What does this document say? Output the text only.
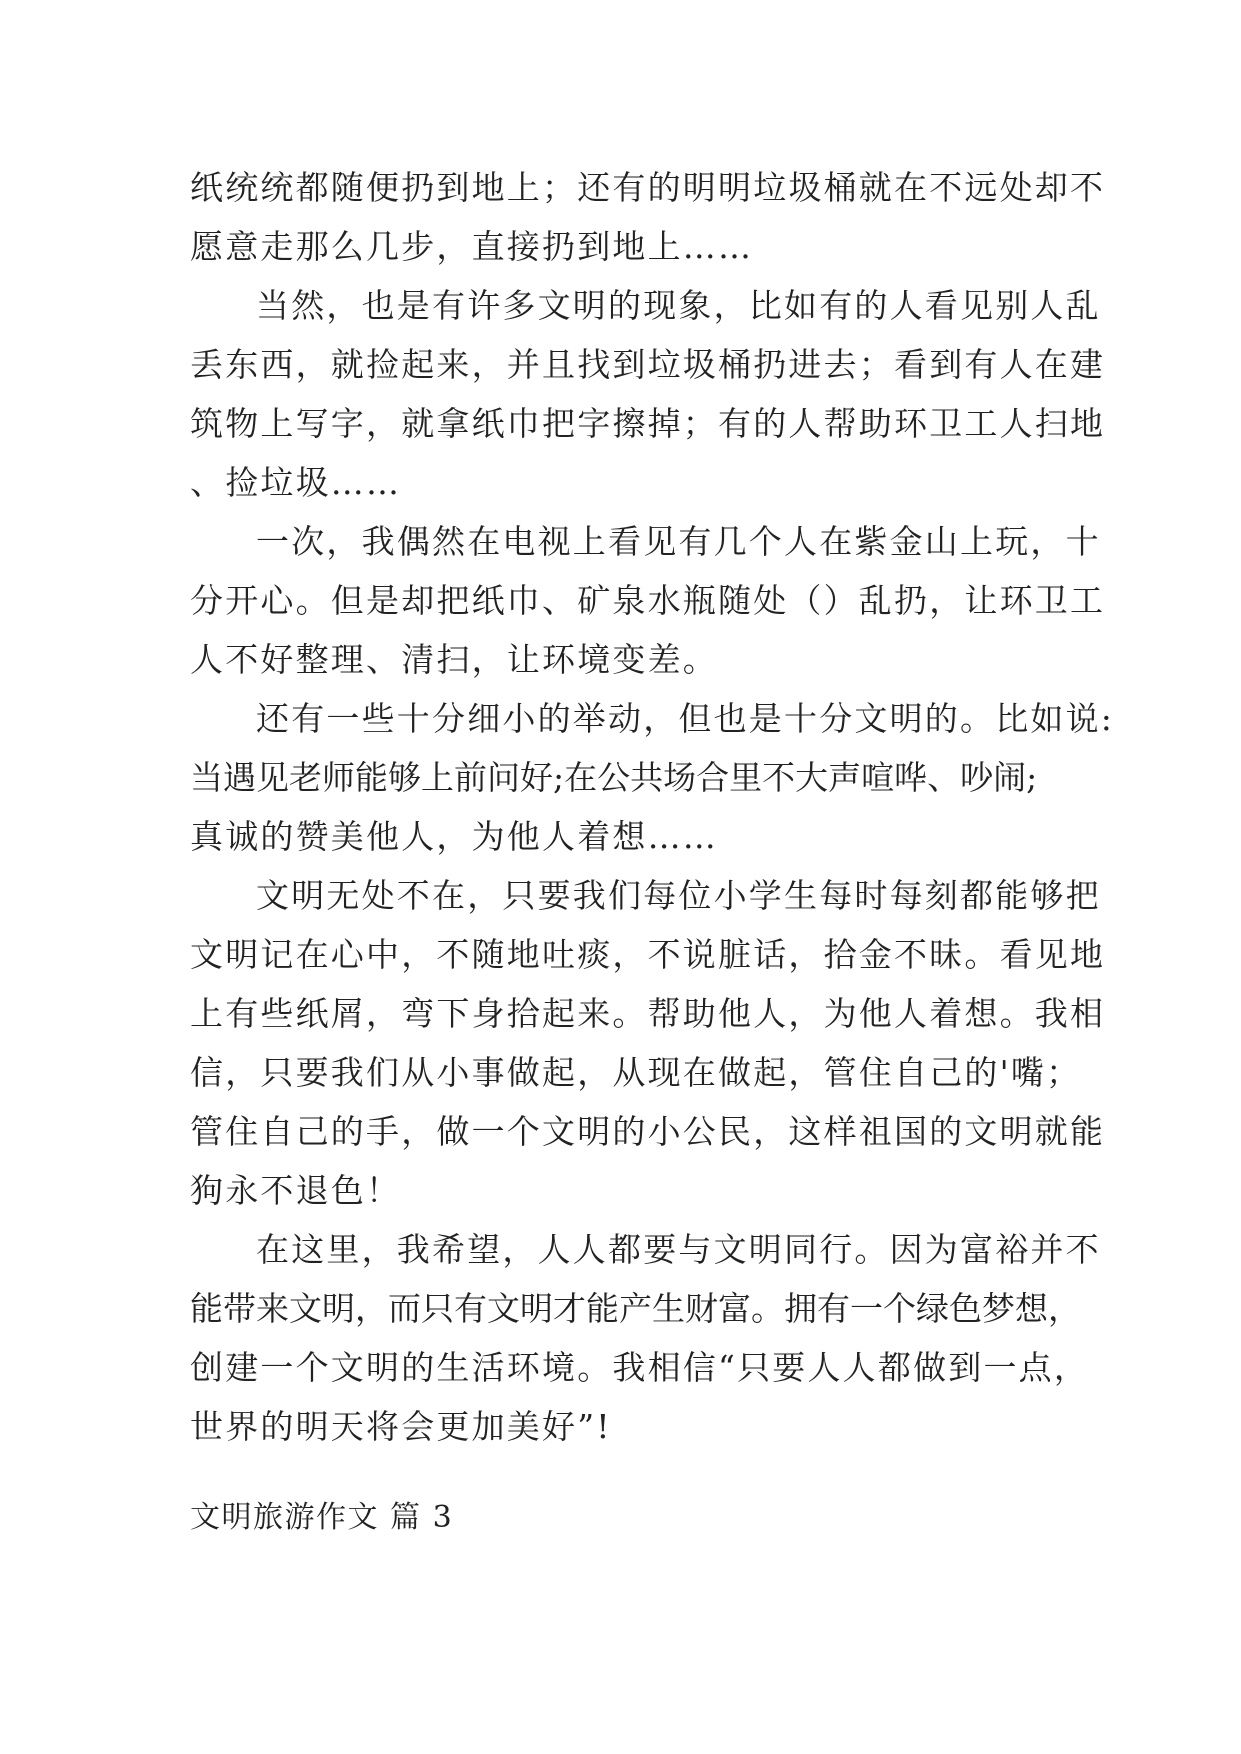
纸统统都随便扔到地上；还有的明明垃圾桶就在不远处却不
愿意走那么几步，直接扔到地上……
当然，也是有许多文明的现象，比如有的人看见别人乱
丢东西，就捡起来，并且找到垃圾桶扔进去；看到有人在建
筑物上写字，就拿纸巾把字擦掉；有的人帮助环卫工人扫地
、捡垃圾……
一次，我偶然在电视上看见有几个人在紫金山上玩，十
分开心。但是却把纸巾、矿泉水瓶随处（）乱扔，让环卫工
人不好整理、清扫，让环境变差。
还有一些十分细小的举动，但也是十分文明的。比如说:
当遇见老师能够上前问好;在公共场合里不大声喧哗、吵闹;
真诚的赞美他人，为他人着想……
文明无处不在，只要我们每位小学生每时每刻都能够把
文明记在心中，不随地吐痰，不说脏话，拾金不昧。看见地
上有些纸屑，弯下身拾起来。帮助他人，为他人着想。我相
信，只要我们从小事做起，从现在做起，管住自己的'嘴；
管住自己的手，做一个文明的小公民，这样祖国的文明就能
狗永不退色！
在这里，我希望，人人都要与文明同行。因为富裕并不
能带来文明，而只有文明才能产生财富。拥有一个绿色梦想，
创建一个文明的生活环境。我相信“只要人人都做到一点，
世界的明天将会更加美好”!
文明旅游作文 篇 3
